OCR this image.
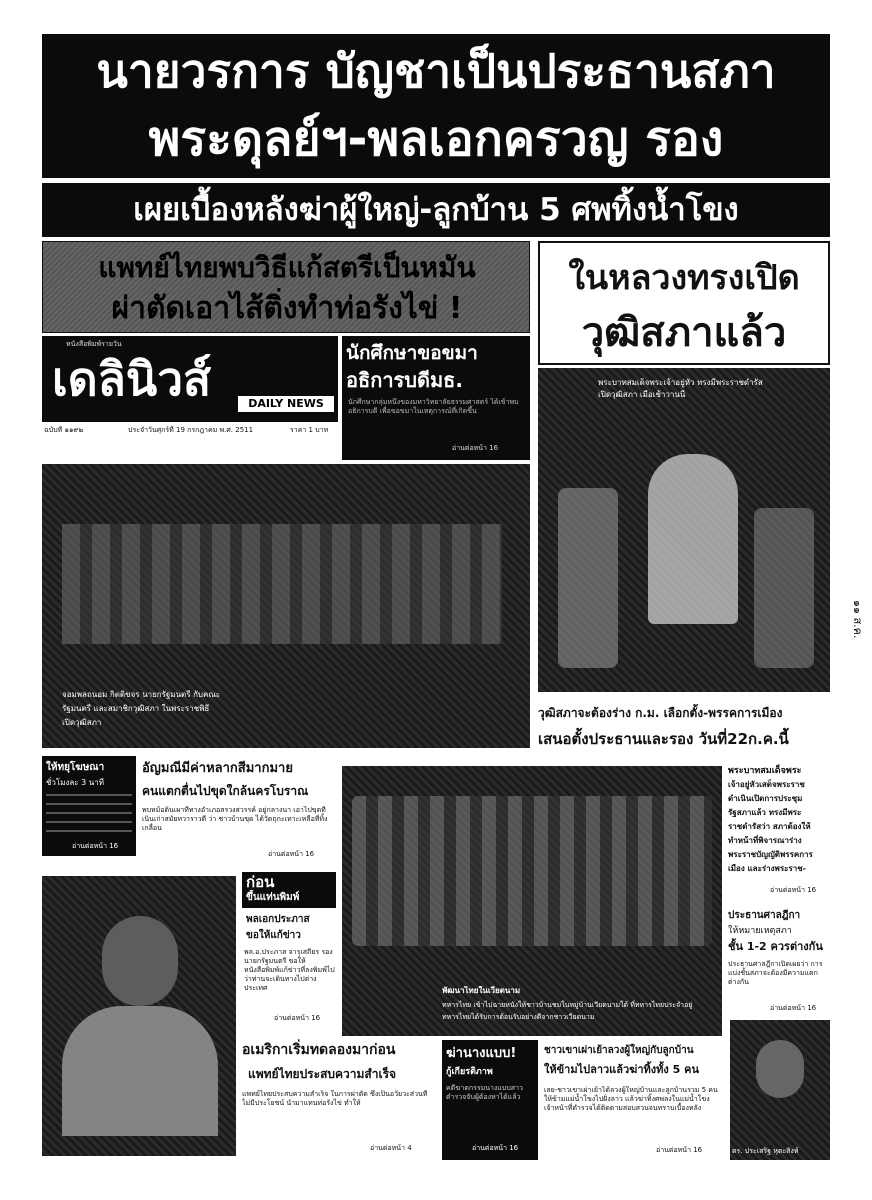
นายวรการ บัญชาเป็นประธานสภา
พระดุลย์ฯ-พลเอกครวญ รอง
เผยเบื้องหลังฆ่าผู้ใหญ่-ลูกบ้าน 5 ศพทิ้งน้ำโขง
แพทย์ไทยพบวิธีแก้สตรีเป็นหมัน
ผ่าตัดเอาไส้ติ่งทำท่อรังไข่ !
ในหลวงทรงเปิด
วุฒิสภาแล้ว
หนังสือพิมพ์รายวัน
เดลินิวส์	DAILY NEWS
ฉบับที่ ๑๑๙๒	ประจำวันศุกร์ที่ 19 กรกฎาคม พ.ศ. 2511	ราคา 1 บาท
นักศึกษาขอขมา
อธิการบดีมธ.
นักศึกษากลุ่มหนึ่งของมหาวิทยาลัยธรรมศาสตร์ ได้เข้าพบอธิการบดี เพื่อขอขมาในเหตุการณ์ที่เกิดขึ้น
อ่านต่อหน้า 16
พระบาทสมเด็จพระเจ้าอยู่หัว ทรงมีพระราชดำรัส
เปิดวุฒิสภา เมื่อเช้าวานนี้
จอมพลถนอม กิตติขจร นายกรัฐมนตรี กับคณะ
รัฐมนตรี และสมาชิกวุฒิสภา ในพระราชพิธี
เปิดวุฒิสภา
วุฒิสภาจะต้องร่าง ก.ม. เลือกตั้ง-พรรคการเมือง
เสนอตั้งประธานและรอง วันที่22ก.ค.นี้
ให้ทยุโฆษณา
ชั่วโมงละ 3 นาที
อ่านต่อหน้า 16
อัญมณีมีค่าหลากสีมากมาย
คนแตกตื่นไปขุดใกล้นครโบราณ
พบหม้อดินเผาที่ทางอำเภอสรวงสวรรค์ อยู่กลางนา เอาไปขุดที่เนินเก่าสมัยทวาราวดี ว่า ชาวบ้านขุด ได้วัตถุกะเทาะเหลือที่ทิ้งเกลื่อน
อ่านต่อหน้า 16
พัฒนาไทยในเวียดนาม
ทหารไทย เข้าไปฉายหนังให้ชาวบ้านชมในหมู่บ้านเวียดนามใต้ ที่ทหารไทยประจำอยู่
ทหารไทยได้รับการต้อนรับอย่างดีจากชาวเวียดนาม
พระบาทสมเด็จพระ
เจ้าอยู่หัวเสด็จพระราช
ดำเนินเปิดการประชุม
รัฐสภาแล้ว ทรงมีพระ
ราชดำรัสว่า สภาต้องให้
ทำหน้าที่พิจารณาร่าง
พระราชบัญญัติพรรคการ
เมือง และร่างพระราช-
อ่านต่อหน้า 16
ประธานศาลฎีกา
ให้หมายเหตุสภา
ชั้น 1-2 ควรต่างกัน
ประธานศาลฎีกาเปิดเผยว่า การแบ่งชั้นสภาจะต้องมีความแตกต่างกัน
อ่านต่อหน้า 16
ก่อน
ขึ้นแท่นพิมพ์
พลเอกประภาส
ขอให้แก้ข่าว
พล.อ.ประภาส จารุเสถียร รองนายกรัฐมนตรี ขอให้หนังสือพิมพ์แก้ข่าวที่ลงพิมพ์ไปว่าท่านจะเดินทางไปต่างประเทศ
อ่านต่อหน้า 16
อเมริกาเริ่มทดลองมาก่อน
แพทย์ไทยประสบความสำเร็จ
แพทย์ไทยประสบความสำเร็จ ในการผ่าตัด ซึ่งเป็นอวัยวะส่วนที่ไม่มีประโยชน์ นำมาแทนท่อรังไข่ ทำให้
อ่านต่อหน้า 4
ฆ่านางแบบ!
กู้เกียรติภาพ
คดีฆาตกรรมนางแบบสาว ตำรวจจับผู้ต้องหาได้แล้ว
อ่านต่อหน้า 16
ชาวเขาเผ่าเย้าลวงผู้ใหญ่กับลูกบ้าน
ให้ข้ามไปลาวแล้วฆ่าทิ้งทั้ง 5 คน
เลย-ชาวเขาเผ่าเย้าได้ลวงผู้ใหญ่บ้านและลูกบ้านรวม 5 คน ให้ข้ามแม่น้ำโขงไปฝั่งลาว แล้วฆ่าทิ้งศพลงในแม่น้ำโขง เจ้าหน้าที่ตำรวจได้ติดตามสอบสวนจนทราบเบื้องหลัง
อ่านต่อหน้า 16	ดร. ประเสริฐ หุตะสิงห์
๑๑ ส.ค.
